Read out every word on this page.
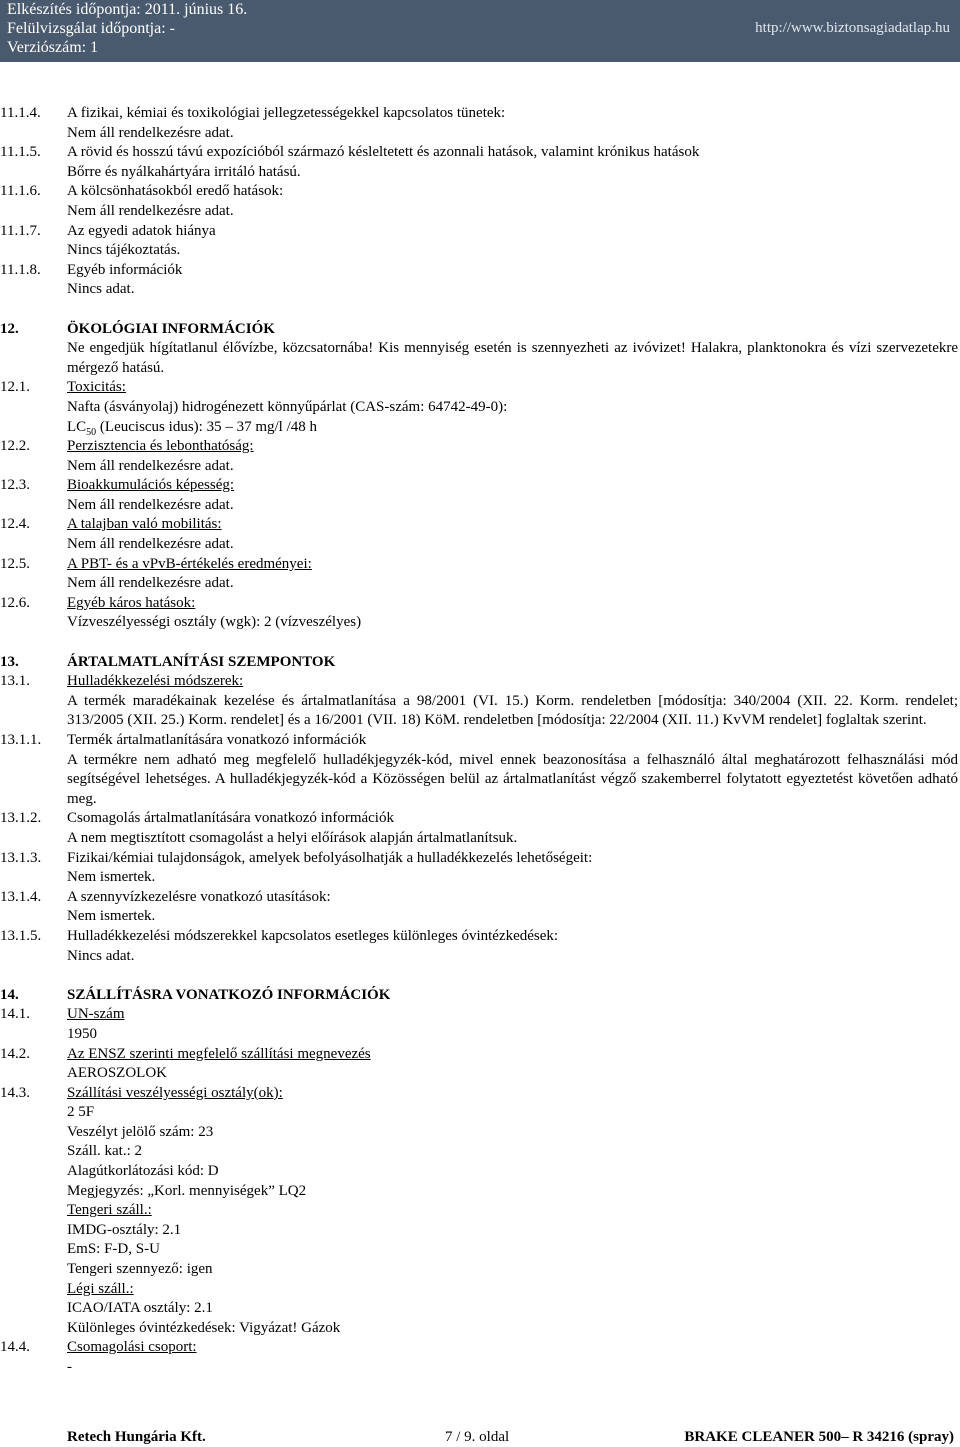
Elkészítés időpontja: 2011. június 16.
Felülvizsgálat időpontja: -
Verziószám: 1
http://www.biztonsagiadatlap.hu
11.1.4. A fizikai, kémiai és toxikológiai jellegzetességekkel kapcsolatos tünetek:
Nem áll rendelkezésre adat.
11.1.5. A rövid és hosszú távú expozícióból származó késleltetett és azonnali hatások, valamint krónikus hatások
Bőrre és nyálkahártyára irritáló hatású.
11.1.6. A kölcsönhatásokból eredő hatások:
Nem áll rendelkezésre adat.
11.1.7. Az egyedi adatok hiánya
Nincs tájékoztatás.
11.1.8. Egyéb információk
Nincs adat.
12.	ÖKOLÓGIAI INFORMÁCIÓK
Ne engedjük hígítatlanul élővízbe, közcsatornába! Kis mennyiség esetén is szennyezheti az ivóvizet! Halakra, planktonokra és vízi szervezetekre mérgező hatású.
12.1. Toxicitás:
Nafta (ásványolaj) hidrogénezett könnyűpárlat (CAS-szám: 64742-49-0):
$LC_{50}$ (Leuciscus idus): 35 – 37 mg/l /48 h
12.2. Perzisztencia és lebonthatóság:
Nem áll rendelkezésre adat.
12.3. Bioakkumulációs képesség:
Nem áll rendelkezésre adat.
12.4. A talajban való mobilitás:
Nem áll rendelkezésre adat.
12.5. A PBT- és a vPvB-értékelés eredményei:
Nem áll rendelkezésre adat.
12.6. Egyéb káros hatások:
Vízveszélyességi osztály (wgk): 2 (vízveszélyes)
13.	ÁRTALMATLANÍTÁSI SZEMPONTOK
13.1. Hulladékkezelési módszerek:
A termék maradékainak kezelése és ártalmatlanítása a 98/2001 (VI. 15.) Korm. rendeletben [módosítja: 340/2004 (XII. 22. Korm. rendelet; 313/2005 (XII. 25.) Korm. rendelet] és a 16/2001 (VII. 18) KöM. rendeletben [módosítja: 22/2004 (XII. 11.) KvVM rendelet] foglaltak szerint.
13.1.1. Termék ártalmatlanítására vonatkozó információk
A termékre nem adható meg megfelelő hulladékjegyzék-kód, mivel ennek beazonosítása a felhasználó által meghatározott felhasználási mód segítségével lehetséges. A hulladékjegyzék-kód a Közösségen belül az ártalmatlanítást végző szakemberrel folytatott egyeztetést követően adható meg.
13.1.2. Csomagolás ártalmatlanítására vonatkozó információk
A nem megtisztított csomagolást a helyi előírások alapján ártalmatlanítsuk.
13.1.3. Fizikai/kémiai tulajdonságok, amelyek befolyásolhatják a hulladékkezelés lehetőségeit:
Nem ismertek.
13.1.4. A szennyvízkezelésre vonatkozó utasítások:
Nem ismertek.
13.1.5. Hulladékkezelési módszerekkel kapcsolatos esetleges különleges óvintézkedések:
Nincs adat.
14.	SZÁLLÍTÁSRA VONATKOZÓ INFORMÁCIÓK
14.1. UN-szám
1950
14.2. Az ENSZ szerinti megfelelő szállítási megnevezés
AEROSZOLOK
14.3. Szállítási veszélyességi osztály(ok):
2 5F
Veszélyt jelölő szám: 23
Száll. kat.: 2
Alagútkorlátozási kód: D
Megjegyzés: „Korl. mennyiségek” LQ2
Tengeri száll.:
IMDG-osztály: 2.1
EmS: F-D, S-U
Tengeri szennyező: igen
Légi száll.:
ICAO/IATA osztály: 2.1
Különleges óvintézkedések: Vigyázat! Gázok
14.4. Csomagolási csoport:
-
Retech Hungária Kft.	7 / 9. oldal	BRAKE CLEANER 500– R 34216 (spray)
